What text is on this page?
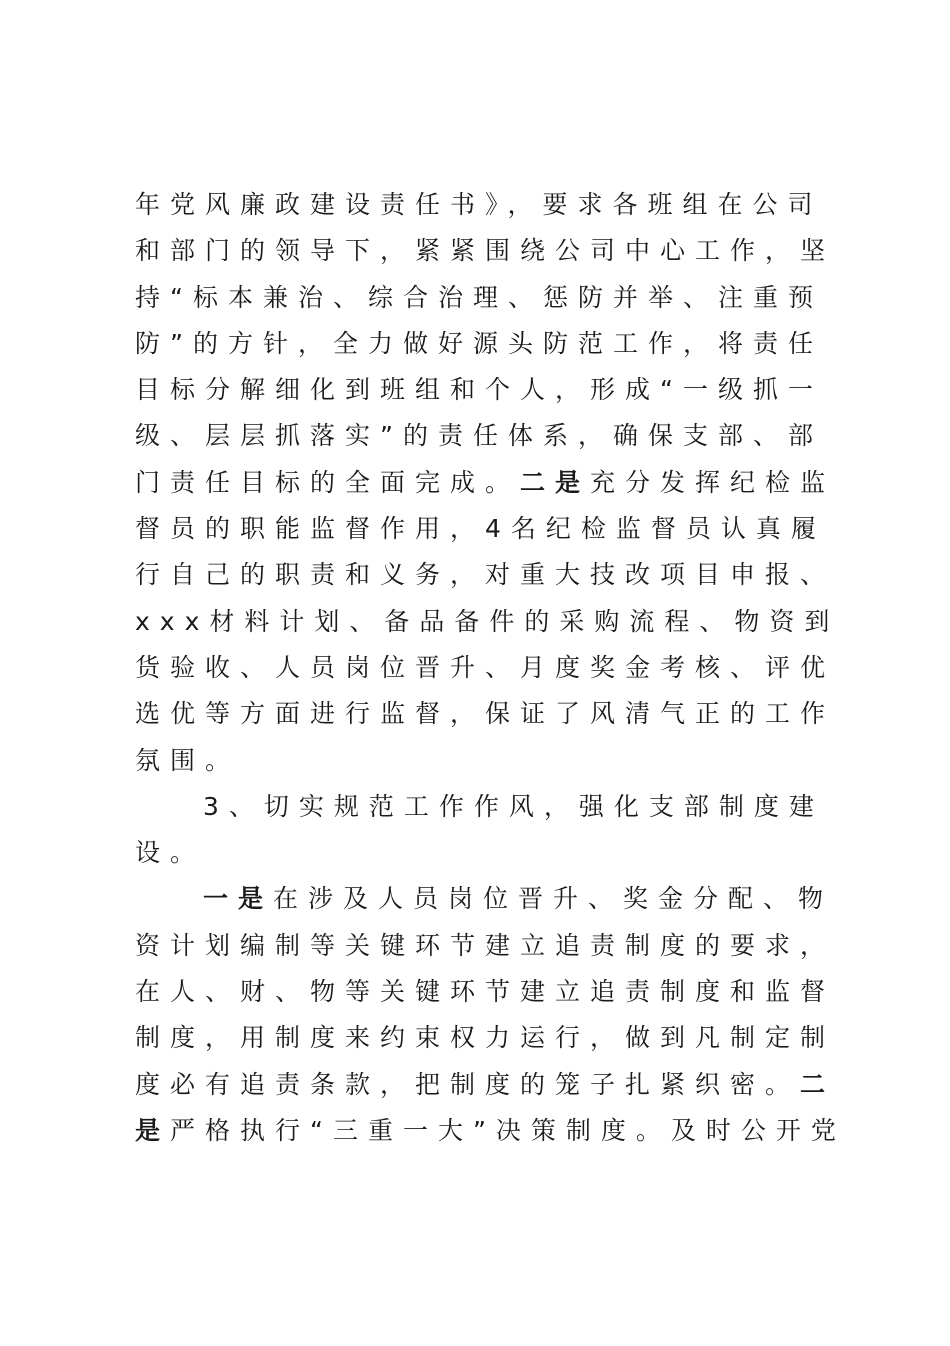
年党风廉政建设责任书》，要求各班组在公司
和部门的领导下，紧紧围绕公司中心工作，坚
持“标本兼治、综合治理、惩防并举、注重预
防”的方针，全力做好源头防范工作，将责任
目标分解细化到班组和个人，形成“一级抓一
级、层层抓落实”的责任体系，确保支部、部
门责任目标的全面完成。二是充分发挥纪检监
督员的职能监督作用，4名纪检监督员认真履
行自己的职责和义务，对重大技改项目申报、
xxx材料计划、备品备件的采购流程、物资到
货验收、人员岗位晋升、月度奖金考核、评优
选优等方面进行监督，保证了风清气正的工作
氛围。
3、切实规范工作作风，强化支部制度建
设。
一是在涉及人员岗位晋升、奖金分配、物
资计划编制等关键环节建立追责制度的要求，
在人、财、物等关键环节建立追责制度和监督
制度，用制度来约束权力运行，做到凡制定制
度必有追责条款，把制度的笼子扎紧织密。二
是严格执行“三重一大”决策制度。及时公开党
